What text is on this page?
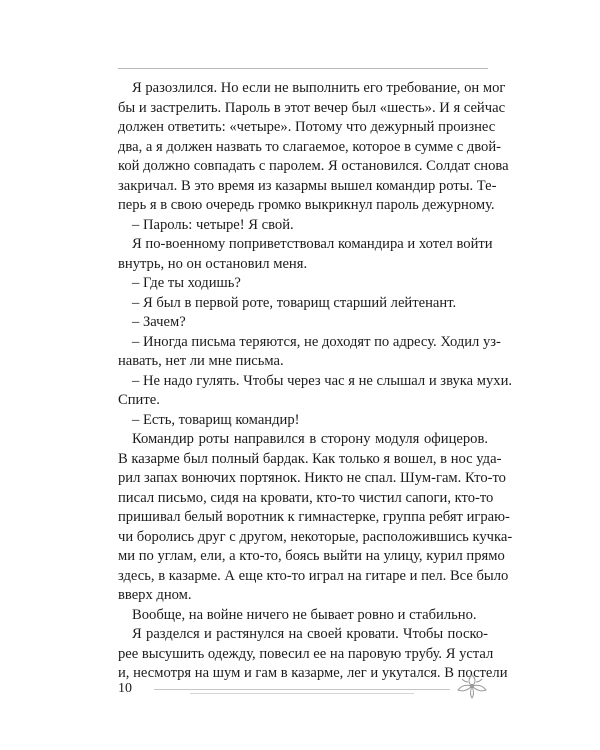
Я разозлился. Но если не выполнить его требование, он мог
бы и застрелить. Пароль в этот вечер был «шесть». И я сейчас
должен ответить: «четыре». Потому что дежурный произнес
два, а я должен назвать то слагаемое, которое в сумме с двой-
кой должно совпадать с паролем. Я остановился. Солдат снова
закричал. В это время из казармы вышел командир роты. Те-
перь я в свою очередь громко выкрикнул пароль дежурному.
– Пароль: четыре! Я свой.
Я по-военному поприветствовал командира и хотел войти
внутрь, но он остановил меня.
– Где ты ходишь?
– Я был в первой роте, товарищ старший лейтенант.
– Зачем?
– Иногда письма теряются, не доходят по адресу. Ходил уз-
навать, нет ли мне письма.
– Не надо гулять. Чтобы через час я не слышал и звука мухи.
Спите.
– Есть, товарищ командир!
Командир роты направился в сторону модуля офицеров.
В казарме был полный бардак. Как только я вошел, в нос уда-
рил запах вонючих портянок. Никто не спал. Шум-гам. Кто-то
писал письмо, сидя на кровати, кто-то чистил сапоги, кто-то
пришивал белый воротник к гимнастерке, группа ребят играю-
чи боролись друг с другом, некоторые, расположившись кучка-
ми по углам, ели, а кто-то, боясь выйти на улицу, курил прямо
здесь, в казарме. А еще кто-то играл на гитаре и пел. Все было
вверх дном.
Вообще, на войне ничего не бывает ровно и стабильно.
Я разделся и растянулся на своей кровати. Чтобы поско-
рее высушить одежду, повесил ее на паровую трубу. Я устал
и, несмотря на шум и гам в казарме, лег и укутался. В постели
10
